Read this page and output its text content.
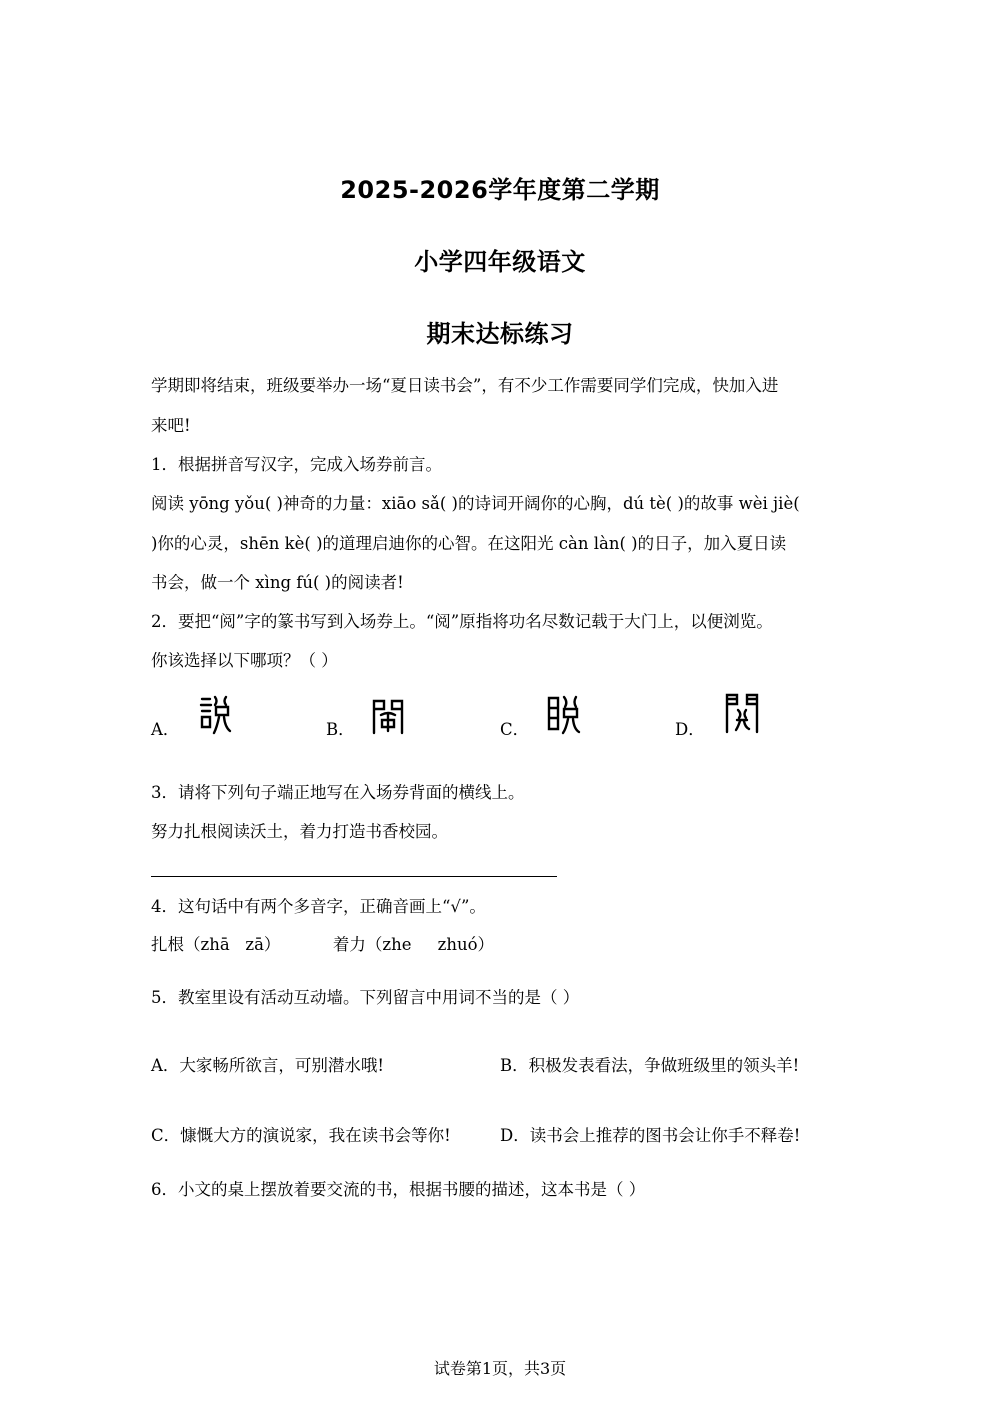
2025-2026学年度第二学期
小学四年级语文
期末达标练习
学期即将结束，班级要举办一场“夏日读书会”，有不少工作需要同学们完成，快加入进
来吧!
1．根据拼音写汉字，完成入场券前言。
阅读 yōng yǒu( )神奇的力量：xiāo sǎ( )的诗词开阔你的心胸，dú tè( )的故事 wèi jiè(
)你的心灵，shēn kè( )的道理启迪你的心智。在这阳光 càn làn( )的日子，加入夏日读
书会，做一个 xìng fú( )的阅读者!
2．要把“阅”字的篆书写到入场券上。“阅”原指将功名尽数记载于大门上，以便浏览。
你该选择以下哪项？（ ）
A．	B．	C．	D．
3．请将下列句子端正地写在入场券背面的横线上。
努力扎根阅读沃土，着力打造书香校园。
4．这句话中有两个多音字，正确音画上“√”。
扎根（zhā   zā）          着力（zhe     zhuó）
5．教室里设有活动互动墙。下列留言中用词不当的是（ ）
A．大家畅所欲言，可别潜水哦!	B．积极发表看法，争做班级里的领头羊!
C．慷慨大方的演说家，我在读书会等你!	D．读书会上推荐的图书会让你手不释卷!
6．小文的桌上摆放着要交流的书，根据书腰的描述，这本书是（ ）
试卷第1页，共3页
